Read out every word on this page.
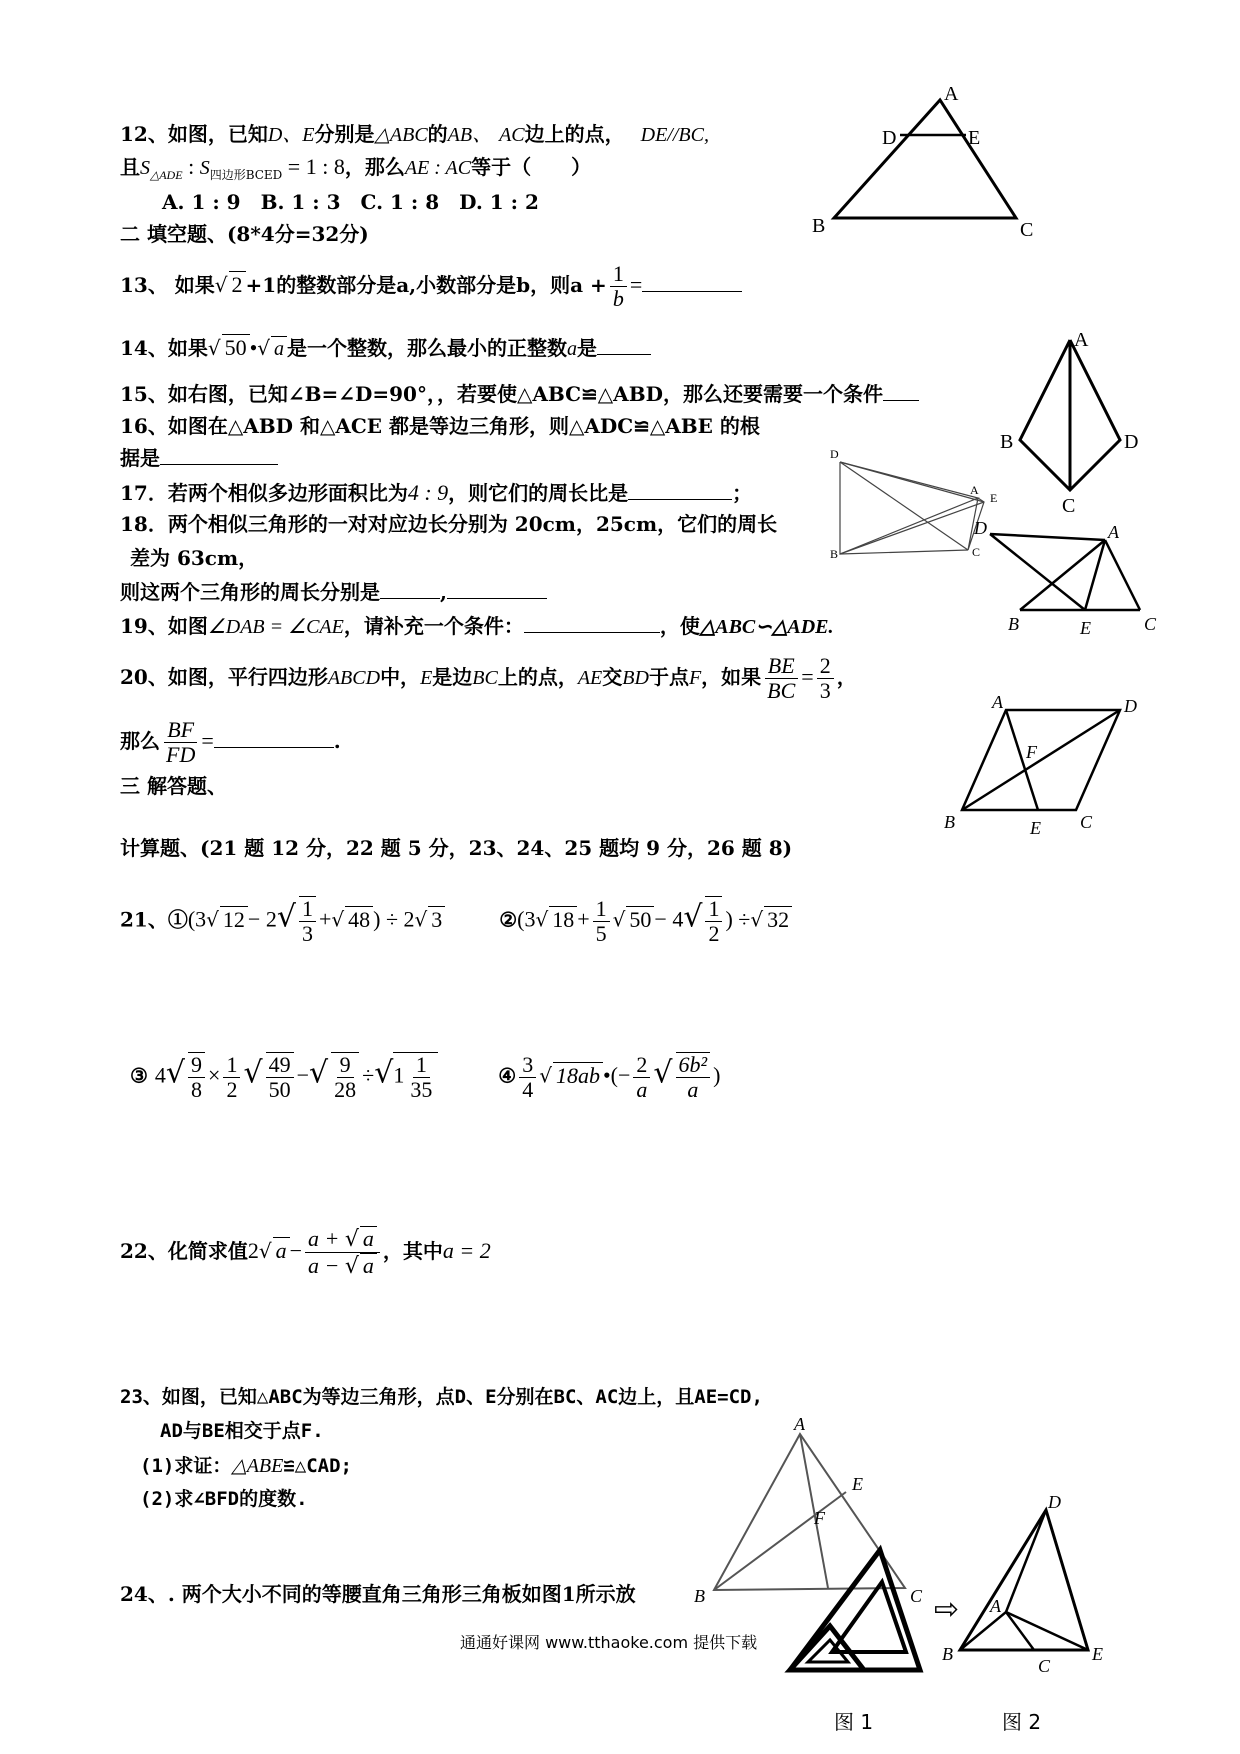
12、如图，已知D、E分别是△ABC的AB、 AC边上的点， DE//BC,
且$S_{\triangle ADE}$ : $S_{四边形BCED} = 1$ : 8，那么AE : AC等于（　　）
A. 1 : 9　B. 1 : 3　C. 1 : 8　D. 1 : 2
A
D	E
B	C
二 填空题、(8*4分=32分)
13、 如果√ 2 +1的整数部分是a,小数部分是b，则$a + \frac{1}{b}$ =
14、如果√ 50 •√ a 是一个整数，那么最小的正整数a是	A
B	D
C
15、如右图，已知∠B=∠D=90°，，若要使△ABC≌△ABD，那么还要需要一个条件
16、如图在△ABD 和△ACE 都是等边三角形，则△ADC≌△ABE 的根
据是	D
A
E
B	C
17．若两个相似多边形面积比为4 : 9，则它们的周长比是	；
18．两个相似三角形的一对对应边长分别为 20cm，25cm，它们的周长
差为 63cm，
则这两个三角形的周长分别是	,
D	A
B	E	C
19、如图∠DAB = ∠CAE，请补充一个条件：	，使△ABC∽△ADE.
20、如图，平行四边形ABCD中，E是边BC上的点，AE交BD于点F，如果 $\frac{BE}{BC} = \frac{2}{3}$ ，
那么 $\frac{BF}{FD}$ =	.
A	D
F
B	E C
三 解答题、
计算题、(21 题 12 分，22 题 5 分，23、24、25 题均 9 分，26 题 8)
21、①(3√ $12 - 2√ \frac{1}{3}$ +√ 48 ) ÷ 2√ 3	②(3√ $18 + \frac{1}{5}$ √ $50 - 4√ \frac{1}{2}$ ) ÷√ 32
③ $4√ \frac{9}{8} \times \frac{1}{2}$ √ $\frac{49}{50}$ −√ $\frac{9}{28} \div√1 \frac{1}{35}$	④ $\frac{3}{4}$ √ 18ab •(− $\frac{2}{a}$ √ $\frac{\text{6b²}}{a}$ )
22、化简求值2√ $a - \frac{a + √ a}{a - √ a}$ ，其中a = 2
23、如图，已知△ABC为等边三角形，点D、E分别在BC、AC边上，且AE=CD,
AD与BE相交于点F.
(1)求证：△ABE≌△CAD;
(2)求∠BFD的度数.
24、. 两个大小不同的等腰直角三角形三角板如图1所示放
A
E
F
B	C ⇨
D
A
B
C
E
通通好课网 www.tthaoke.com 提供下载
图 1	图 2
